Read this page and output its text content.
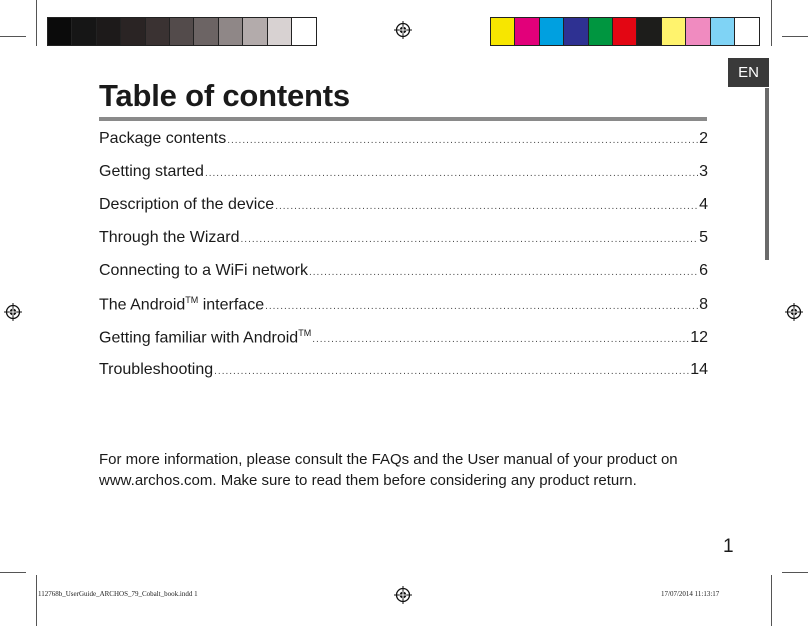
EN
Table of contents
Package contents .....	2
Getting started .....	3
Description of the device .....	4
Through the Wizard .....	5
Connecting to a WiFi network .....	6
The Android™ interface .....	8
Getting familiar with Android™ .....	12
Troubleshooting .....	14

For more information, please consult the FAQs and the User manual of your product on www.archos.com. Make sure to read them before considering any product return.

1
112768b_UserGuide_ARCHOS_79_Cobalt_book.indd 1	17/07/2014 11:13:17
